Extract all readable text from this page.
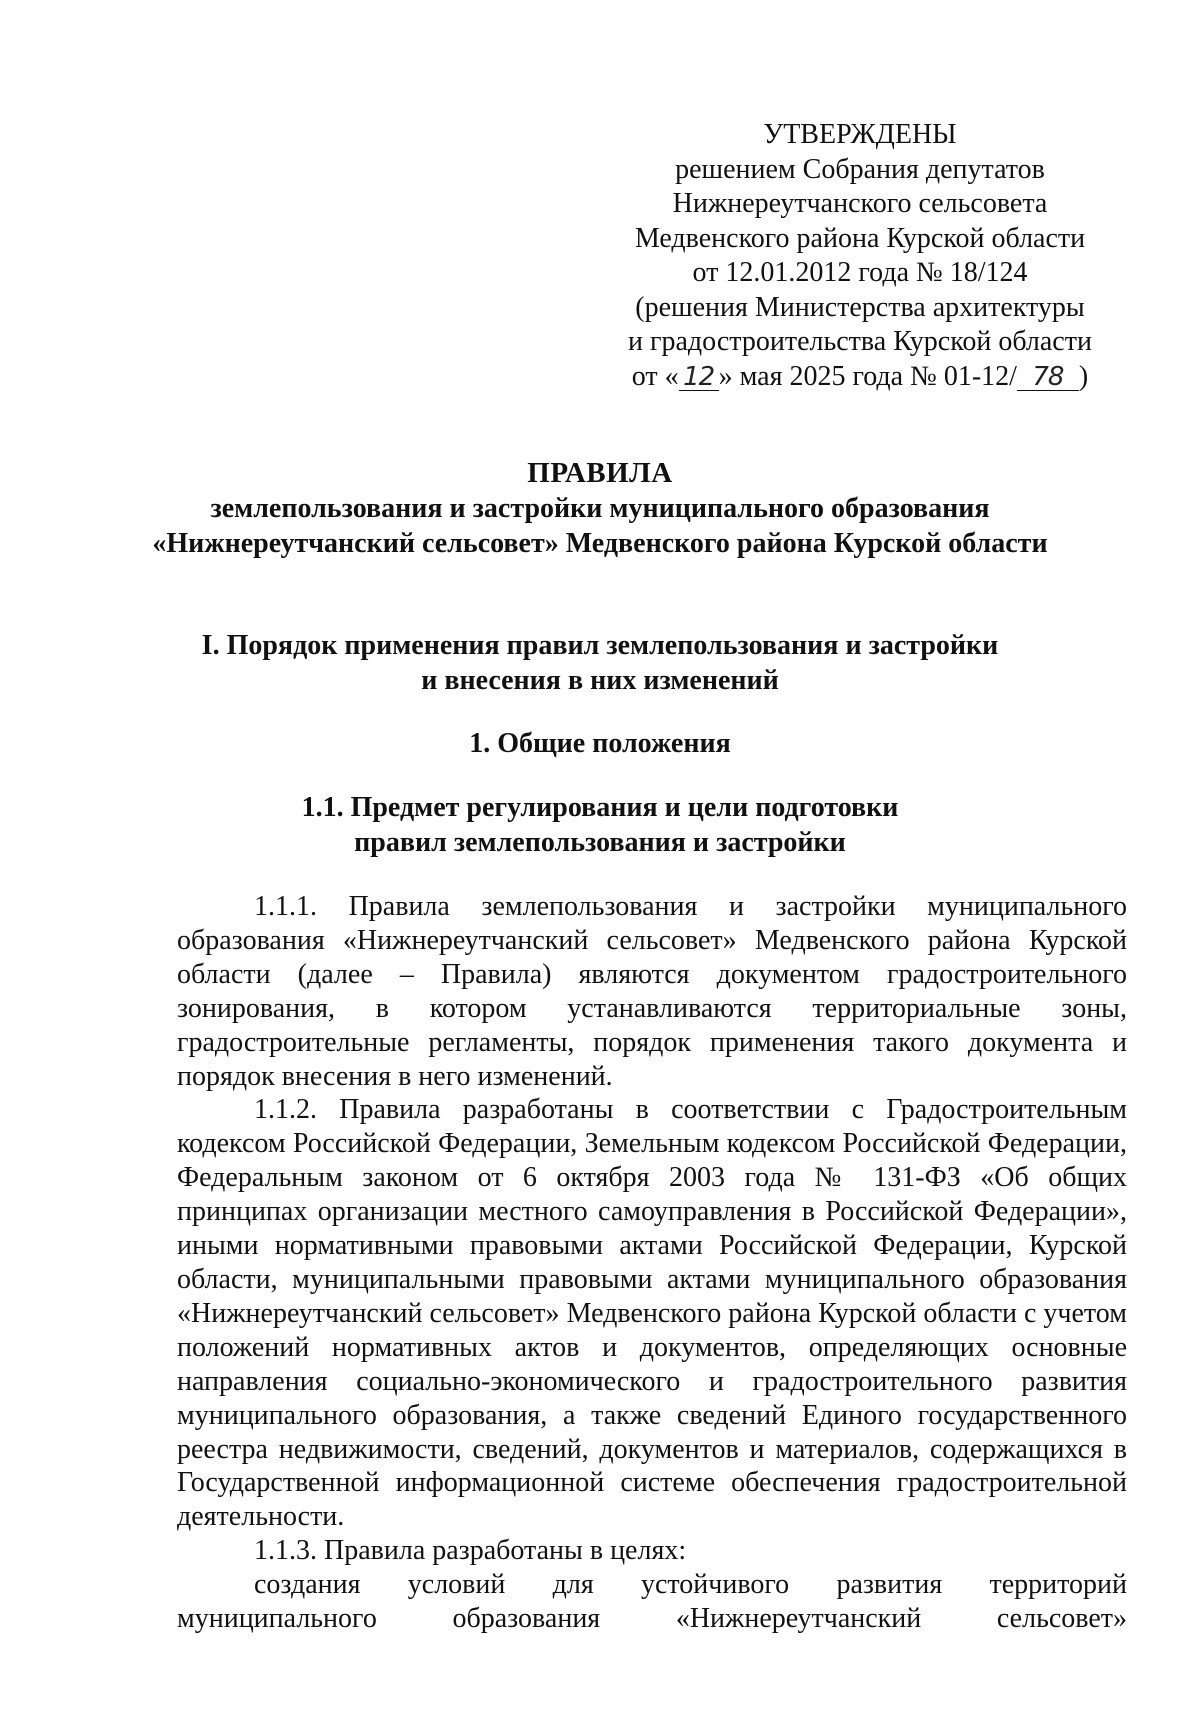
УТВЕРЖДЕНЫ
решением Собрания депутатов
Нижнереутчанского сельсовета
Медвенского района Курской области
от 12.01.2012 года № 18/124
(решения Министерства архитектуры
и градостроительства Курской области
от « 12 » мая 2025 года № 01-12/ 78 )
ПРАВИЛА
землепользования и застройки муниципального образования
«Нижнереутчанский сельсовет» Медвенского района Курской области
I. Порядок применения правил землепользования и застройки
и внесения в них изменений
1. Общие положения
1.1. Предмет регулирования и цели подготовки
правил землепользования и застройки

1.1.1. Правила землепользования и застройки муниципального образования «Нижнереутчанский сельсовет» Медвенского района Курской области (далее – Правила) являются документом градостроительного зонирования, в котором устанавливаются территориальные зоны, градостроительные регламенты, порядок применения такого документа и порядок внесения в него изменений.

1.1.2. Правила разработаны в соответствии с Градостроительным кодексом Российской Федерации, Земельным кодексом Российской Федерации, Федеральным законом от 6 октября 2003 года № 131-ФЗ «Об общих принципах организации местного самоуправления в Российской Федерации», иными нормативными правовыми актами Российской Федерации, Курской области, муниципальными правовыми актами муниципального образования «Нижнереутчанский сельсовет» Медвенского района Курской области с учетом положений нормативных актов и документов, определяющих основные направления социально-экономического и градостроительного развития муниципального образования, а также сведений Единого государственного реестра недвижимости, сведений, документов и материалов, содержащихся в Государственной информационной системе обеспечения градостроительной деятельности.

1.1.3. Правила разработаны в целях:

создания условий для устойчивого развития территорий муниципального образования «Нижнереутчанский сельсовет»
